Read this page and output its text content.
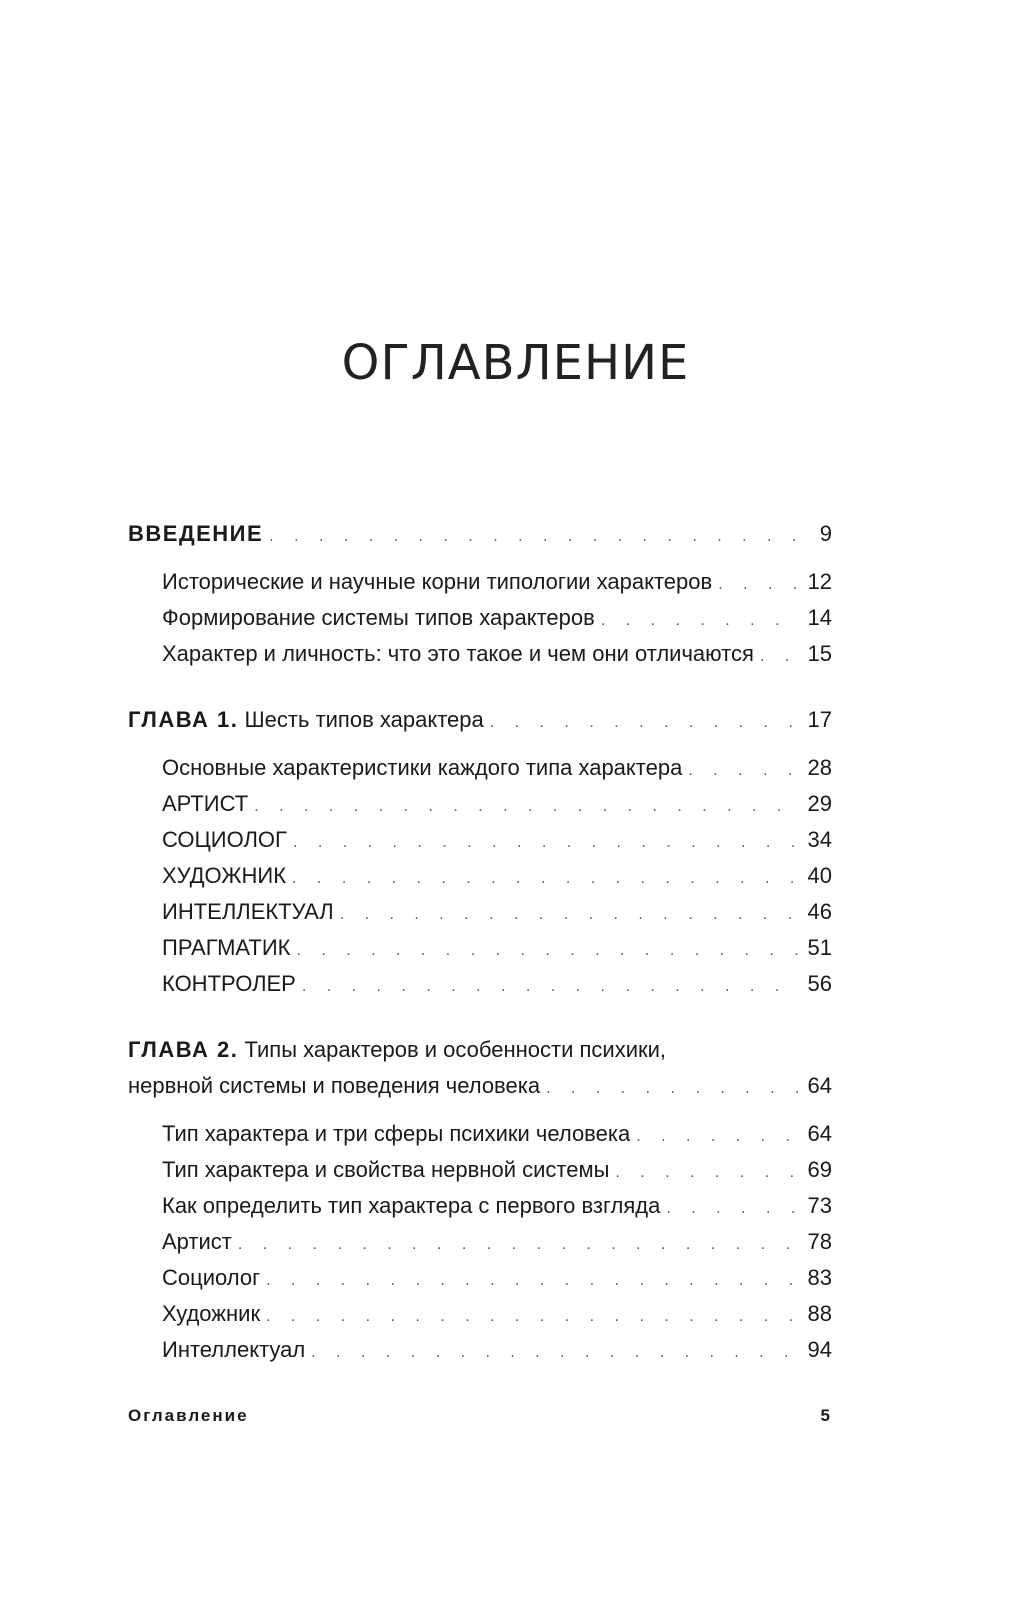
ОГЛАВЛЕНИЕ
ВВЕДЕНИЕ . . .	9
Исторические и научные корни типологии характеров . . .	12
Формирование системы типов характеров . . .	14
Характер и личность: что это такое и чем они отличаются . . . 15
ГЛАВА 1. Шесть типов характера . . .	17
Основные характеристики каждого типа характера . . .	28
АРТИСТ . . .	29
СОЦИОЛОГ . . .	34
ХУДОЖНИК . . .	40
ИНТЕЛЛЕКТУАЛ . . .	46
ПРАГМАТИК . . .	51
КОНТРОЛЕР . . .	56
ГЛАВА 2. Типы характеров и особенности психики,
нервной системы и поведения человека . . .	64
Тип характера и три сферы психики человека . . .	64
Тип характера и свойства нервной системы . . .	69
Как определить тип характера с первого взгляда . . .	73
Артист . . .	78
Социолог . . .	83
Художник . . .	88
Интеллектуал . . .	94
Оглавление	5
